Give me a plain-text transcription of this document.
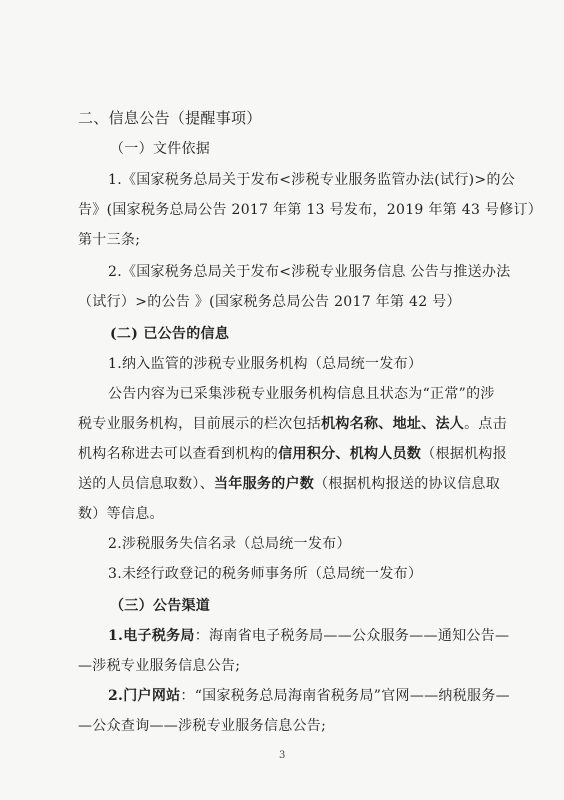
二、信息公告（提醒事项）
（一）文件依据
1.《国家税务总局关于发布<涉税专业服务监管办法(试行)>的公
告》(国家税务总局公告 2017 年第 13 号发布，2019 年第 43 号修订）
第十三条;
2.《国家税务总局关于发布<涉税专业服务信息 公告与推送办法
（试行）>的公告 》(国家税务总局公告 2017 年第 42 号）
(二) 已公告的信息
1.纳入监管的涉税专业服务机构（总局统一发布）
公告内容为已采集涉税专业服务机构信息且状态为“正常”的涉
税专业服务机构，目前展示的栏次包括机构名称、地址、法人。点击
机构名称进去可以查看到机构的信用积分、机构人员数（根据机构报
送的人员信息取数）、当年服务的户数（根据机构报送的协议信息取
数）等信息。
2.涉税服务失信名录（总局统一发布）
3.未经行政登记的税务师事务所（总局统一发布）
（三）公告渠道
1.电子税务局：海南省电子税务局——公众服务——通知公告—
—涉税专业服务信息公告;
2.门户网站：“国家税务总局海南省税务局”官网——纳税服务—
—公众查询——涉税专业服务信息公告;
3
